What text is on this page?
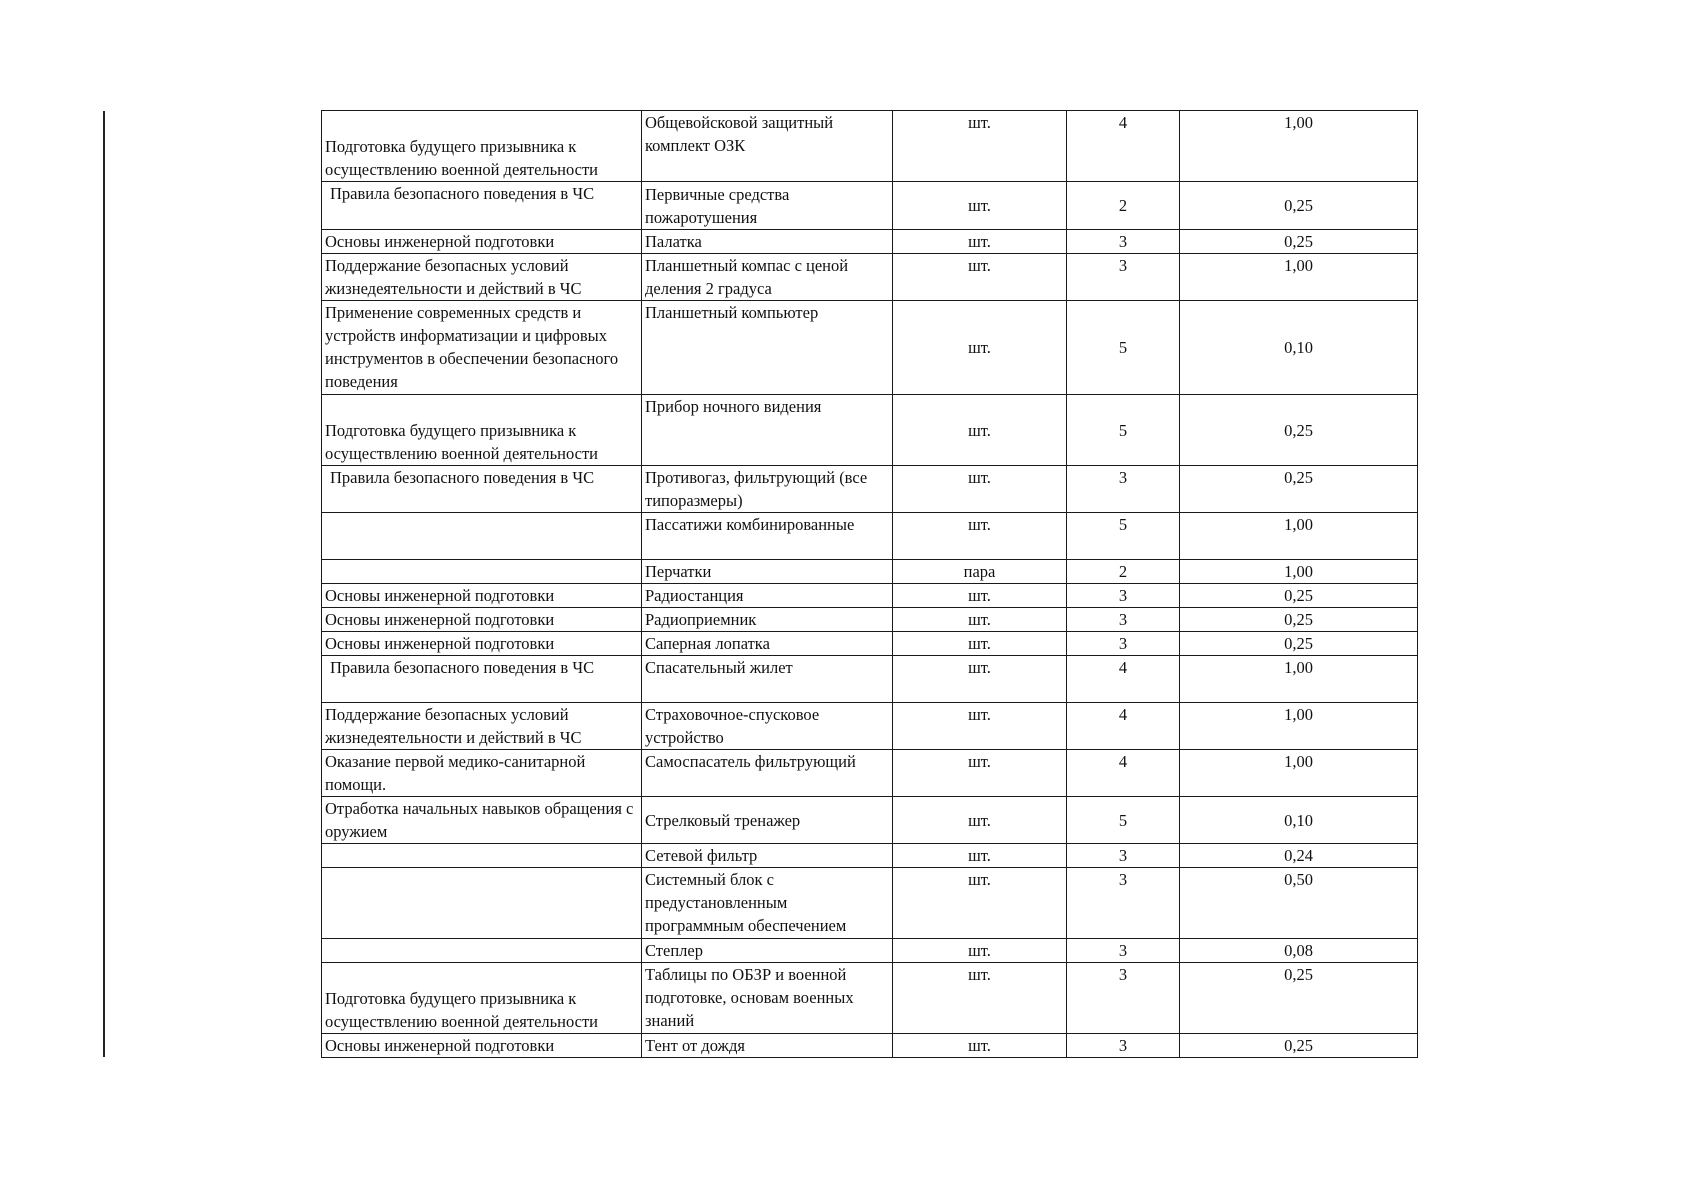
Подготовка будущего призывника к осуществлению военной деятельности	Общевойсковой защитный комплект ОЗК	шт.	4	1,00
Правила безопасного поведения в ЧС	Первичные средства пожаротушения	шт.	2	0,25
Основы инженерной подготовки	Палатка	шт.	3	0,25
Поддержание безопасных условий жизнедеятельности и действий в ЧС	Планшетный компас с ценой деления 2 градуса	шт.	3	1,00
Применение современных средств и устройств информатизации и цифровых инструментов в обеспечении безопасного поведения	Планшетный компьютер	шт.	5	0,10
Подготовка будущего призывника к осуществлению военной деятельности	Прибор ночного видения	шт.	5	0,25
Правила безопасного поведения в ЧС	Противогаз, фильтрующий (все типоразмеры)	шт.	3	0,25
	Пассатижи комбинированные	шт.	5	1,00
	Перчатки	пара	2	1,00
Основы инженерной подготовки	Радиостанция	шт.	3	0,25
Основы инженерной подготовки	Радиоприемник	шт.	3	0,25
Основы инженерной подготовки	Саперная лопатка	шт.	3	0,25
Правила безопасного поведения в ЧС	Спасательный жилет	шт.	4	1,00
Поддержание безопасных условий жизнедеятельности и действий в ЧС	Страховочное-спусковое устройство	шт.	4	1,00
Оказание первой медико-санитарной помощи.	Самоспасатель фильтрующий	шт.	4	1,00
Отработка начальных навыков обращения с оружием	Стрелковый тренажер	шт.	5	0,10
	Сетевой фильтр	шт.	3	0,24
	Системный блок с предустановленным программным обеспечением	шт.	3	0,50
	Степлер	шт.	3	0,08
Подготовка будущего призывника к осуществлению военной деятельности	Таблицы по ОБЗР и военной подготовке, основам военных знаний	шт.	3	0,25
Основы инженерной подготовки	Тент от дождя	шт.	3	0,25
